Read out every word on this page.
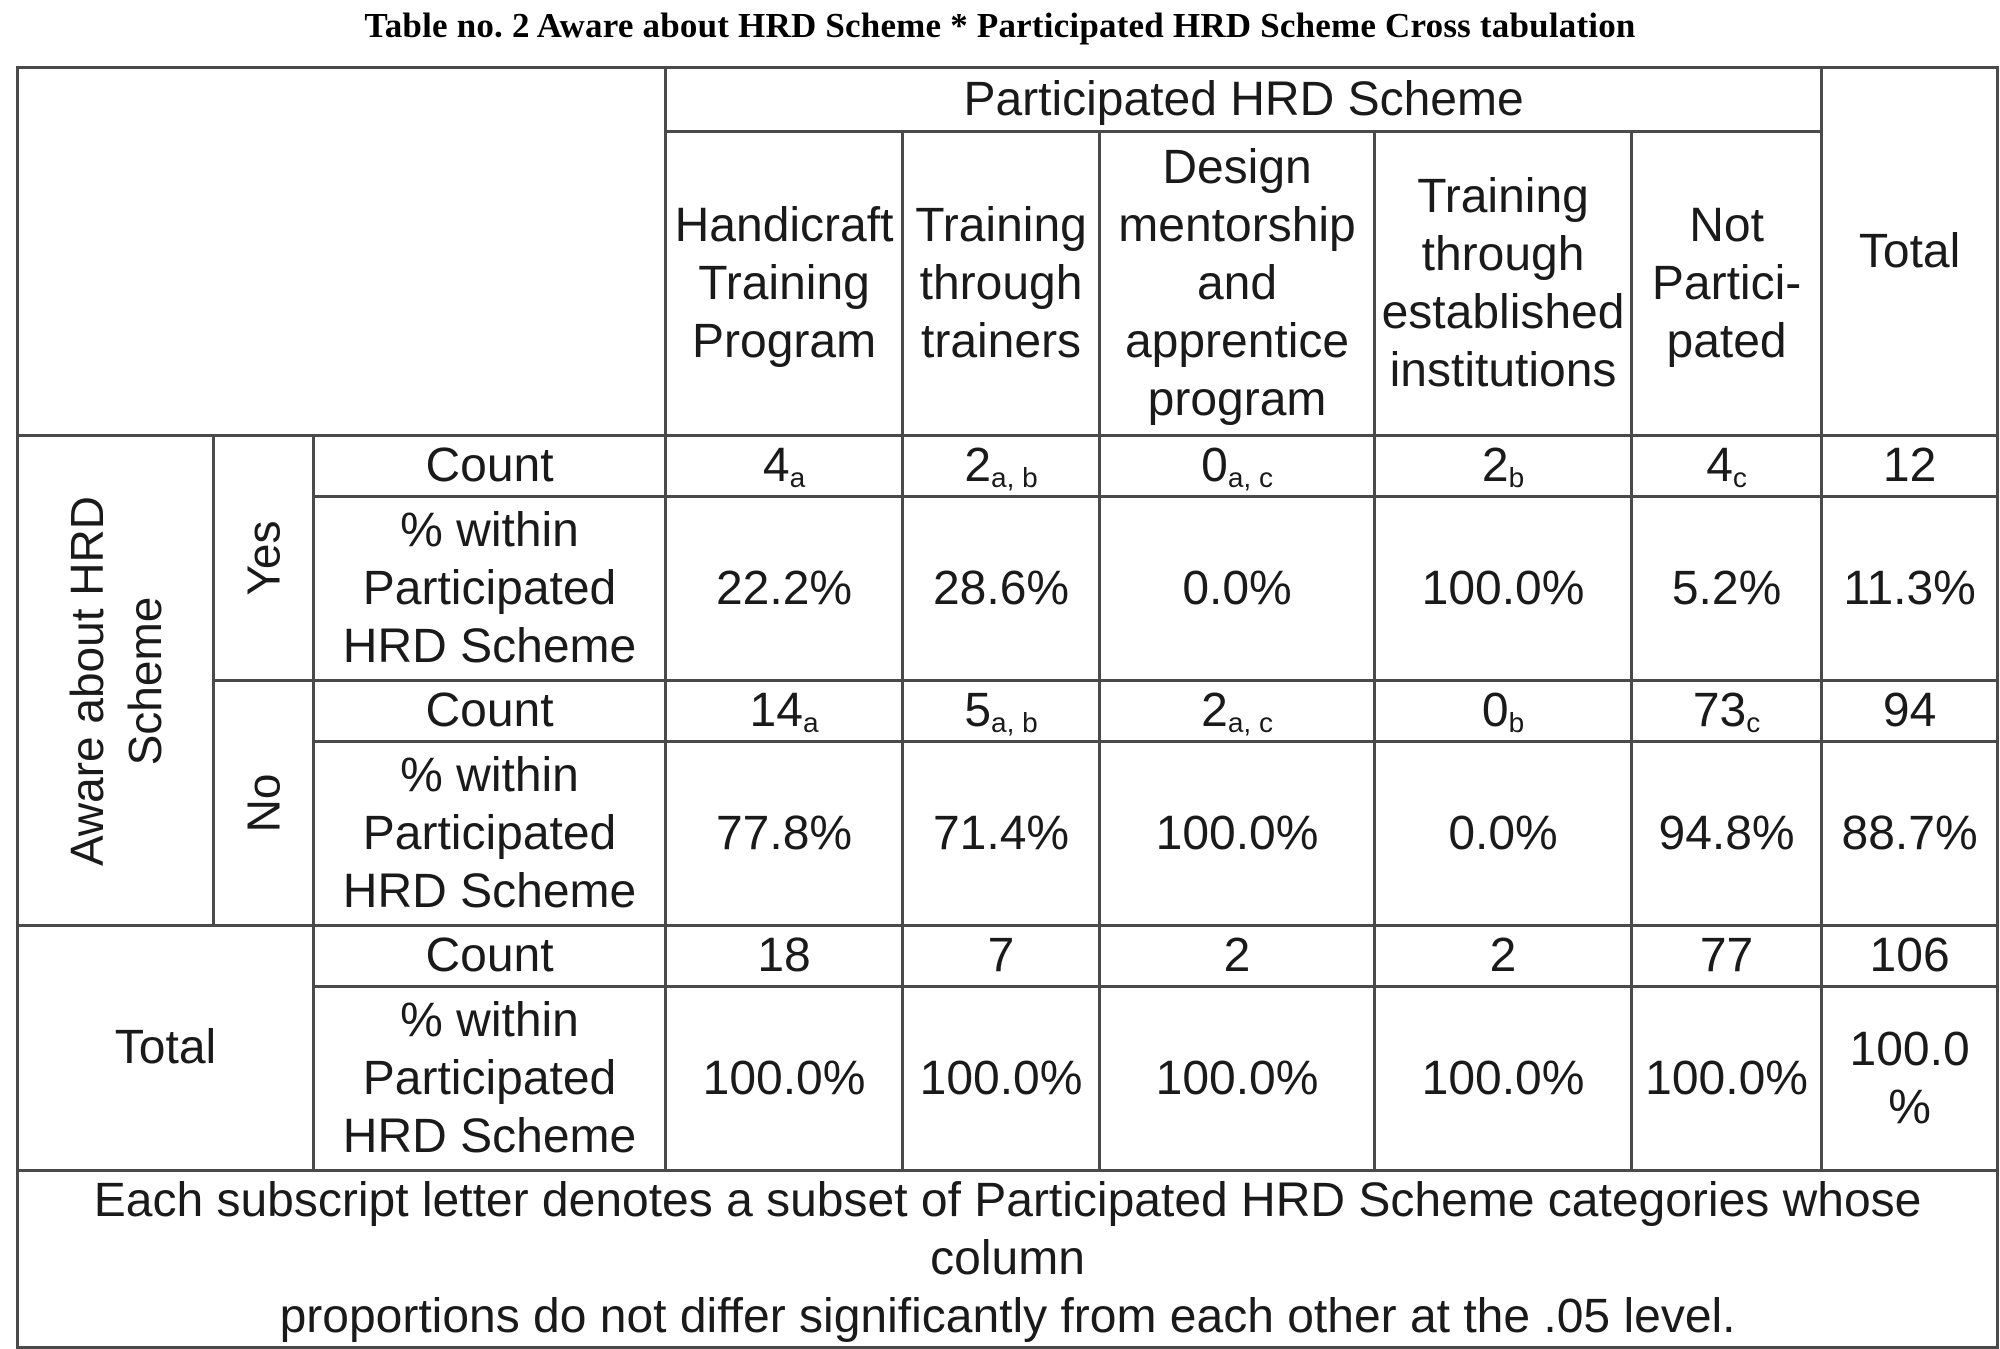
Table no. 2 Aware about HRD Scheme * Participated HRD Scheme Cross tabulation
			Participated HRD Scheme					Total
			Handicraft
Training
Program	Training
through
trainers	Design
mentorship
and
apprentice
program	Training
through
established
institutions	Not
Partici-
pated	

Aware about HRD Scheme	Yes	Count	$4_a$	$2_{a, b}$	$0_{a, c}$	$2_b$	$4_c$	12
		% within
Participated
HRD Scheme	22.2%	28.6%	0.0%	100.0%	5.2%	11.3%

	No	Count	$14_a$	$5_{a, b}$	$2_{a, c}$	$0_b$	$73_c$	94
		% within
Participated
HRD Scheme	77.8%	71.4%	100.0%	0.0%	94.8%	88.7%
Total		Count	18	7	2	2	77	106
		% within
Participated
HRD Scheme	100.0%	100.0%	100.0%	100.0%	100.0%	100.0
%
Each subscript letter denotes a subset of Participated HRD Scheme categories whose column
proportions do not differ significantly from each other at the .05 level.								
